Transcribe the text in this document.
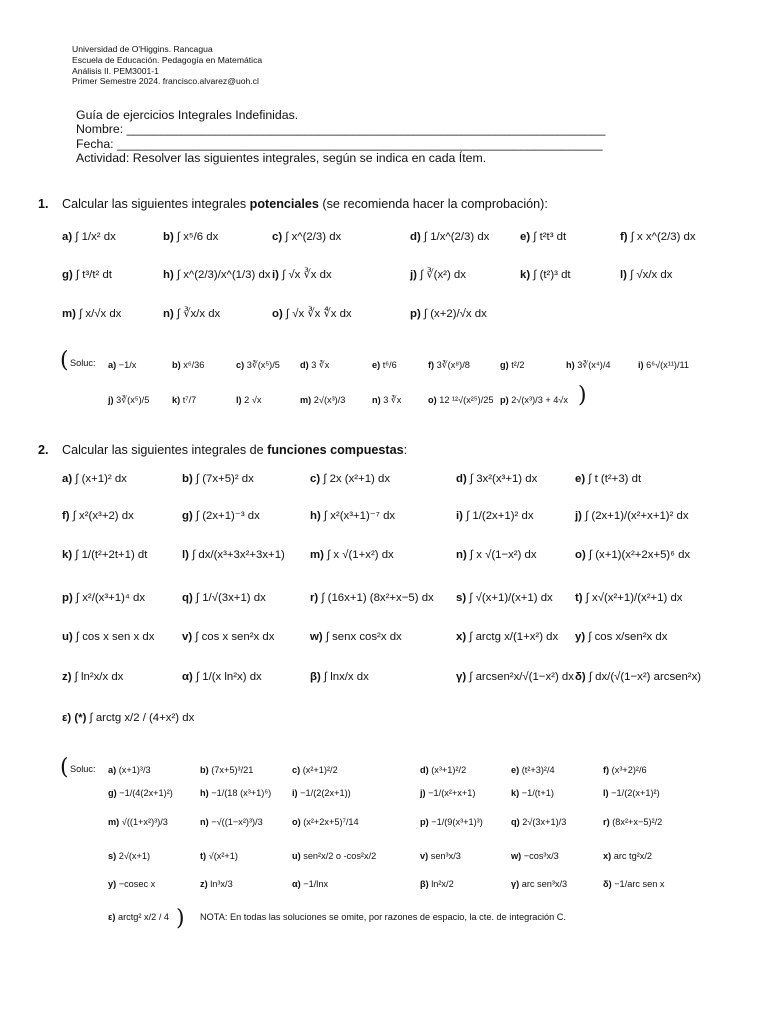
Universidad de O'Higgins. Rancagua
Escuela de Educación. Pedagogía en Matemática
Análisis II. PEM3001-1
Primer Semestre 2024. francisco.alvarez@uoh.cl
Guía de ejercicios Integrales Indefinidas.
Nombre: ______________________________________________________________________
Fecha: _______________________________________________________________________
Actividad: Resolver las siguientes integrales, según se indica en cada Ítem.
1. Calcular las siguientes integrales potenciales (se recomienda hacer la comprobación):
a) ∫ 1/x² dx	b) ∫ x⁵/6 dx	c) ∫ x^(2/3) dx	d) ∫ 1/x^(2/3) dx	e) ∫ t²t³ dt	f) ∫ x x^(2/3) dx
g) ∫ t³/t² dt	h) ∫ x^(2/3)/x^(1/3) dx i) ∫ √x ∛x dx	j) ∫ ∛(x²) dx	k) ∫ (t²)³ dt	l) ∫ √x/x dx
m) ∫ x/√x dx	n) ∫ ∛x/x dx	o) ∫ √x ∛x ∜x dx	p) ∫ (x+2)/√x dx
( Soluc: a) −1/x	b) x⁶/36	c) 3∛(x⁵)/5 d) 3 ∛x	e) t⁶/6	f) 3∛(x⁸)/8	g) t²/2	h) 3∛(x⁴)/4	i) 6⁶√(x¹¹)/11
j) 3∛(x⁵)/5 k) t⁷/7	l) 2 √x	m) 2√(x³)/3	n) 3 ∛x	o) 12 ¹²√(x²⁵)/25 p) 2√(x³)/3 + 4√x )
2. Calcular las siguientes integrales de funciones compuestas:
a) ∫ (x+1)² dx	b) ∫ (7x+5)² dx	c) ∫ 2x (x²+1) dx	d) ∫ 3x²(x³+1) dx	e) ∫ t (t²+3) dt
f) ∫ x²(x³+2) dx	g) ∫ (2x+1)⁻³ dx	h) ∫ x²(x³+1)⁻⁷ dx	i) ∫ 1/(2x+1)² dx	j) ∫ (2x+1)/(x²+x+1)² dx
k) ∫ 1/(t²+2t+1) dt	l) ∫ dx/(x³+3x²+3x+1) m) ∫ x √(1+x²) dx	n) ∫ x √(1−x²) dx	o) ∫ (x+1)(x²+2x+5)⁶ dx
p) ∫ x²/(x³+1)⁴ dx	q) ∫ 1/√(3x+1) dx	r) ∫ (16x+1) (8x²+x−5) dx s) ∫ √(x+1)/(x+1) dx t) ∫ x√(x²+1)/(x²+1) dx
u) ∫ cos x sen x dx v) ∫ cos x sen²x dx	w) ∫ senx cos²x dx	x) ∫ arctg x/(1+x²) dx y) ∫ cos x/sen²x dx
z) ∫ ln²x/x dx	α) ∫ 1/(x ln²x) dx	β) ∫ lnx/x dx	γ) ∫ arcsen²x/√(1−x²) dx δ) ∫ dx/(√(1−x²) arcsen²x)
ε) (*) ∫ arctg x/2 / (4+x²) dx
( Soluc: a) (x+1)³/3	b) (7x+5)³/21	c) (x²+1)²/2	d) (x³+1)²/2	e) (t²+3)²/4	f) (x³+2)²/6
g) −1/(4(2x+1)²)	h) −1/(18 (x³+1)⁶) i) −1/(2(2x+1))	j) −1/(x²+x+1)	k) −1/(t+1)	l) −1/(2(x+1)²)
m) √((1+x²)³)/3	n) −√((1−x²)³)/3	o) (x²+2x+5)⁷/14	p) −1/(9(x³+1)³)	q) 2√(3x+1)/3	r) (8x²+x−5)²/2
s) 2√(x+1)	t) √(x²+1)	u) sen²x/2 o -cos²x/2	v) sen³x/3	w) −cos³x/3	x) arc tg²x/2
y) −cosec x	z) ln³x/3	α) −1/lnx	β) ln²x/2	γ) arc sen³x/3	δ) −1/arc sen x
ε) arctg² x/2 / 4 ) NOTA: En todas las soluciones se omite, por razones de espacio, la cte. de integración C.
